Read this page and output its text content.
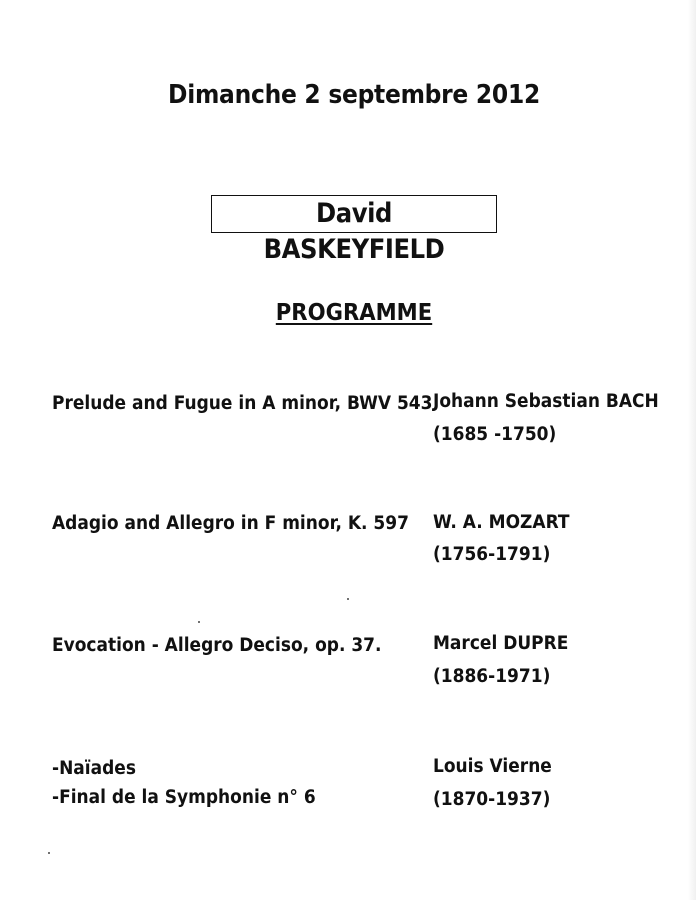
Dimanche 2 septembre 2012
David BASKEYFIELD
PROGRAMME
Prelude and Fugue in A minor, BWV 543 Johann Sebastian BACH
(1685 -1750)
Adagio and Allegro in F minor, K. 597 W. A. MOZART
(1756-1791)
Evocation - Allegro Deciso, op. 37.	Marcel DUPRE
(1886-1971)
-Naïades
-Final de la Symphonie n° 6
Louis Vierne
(1870-1937)
